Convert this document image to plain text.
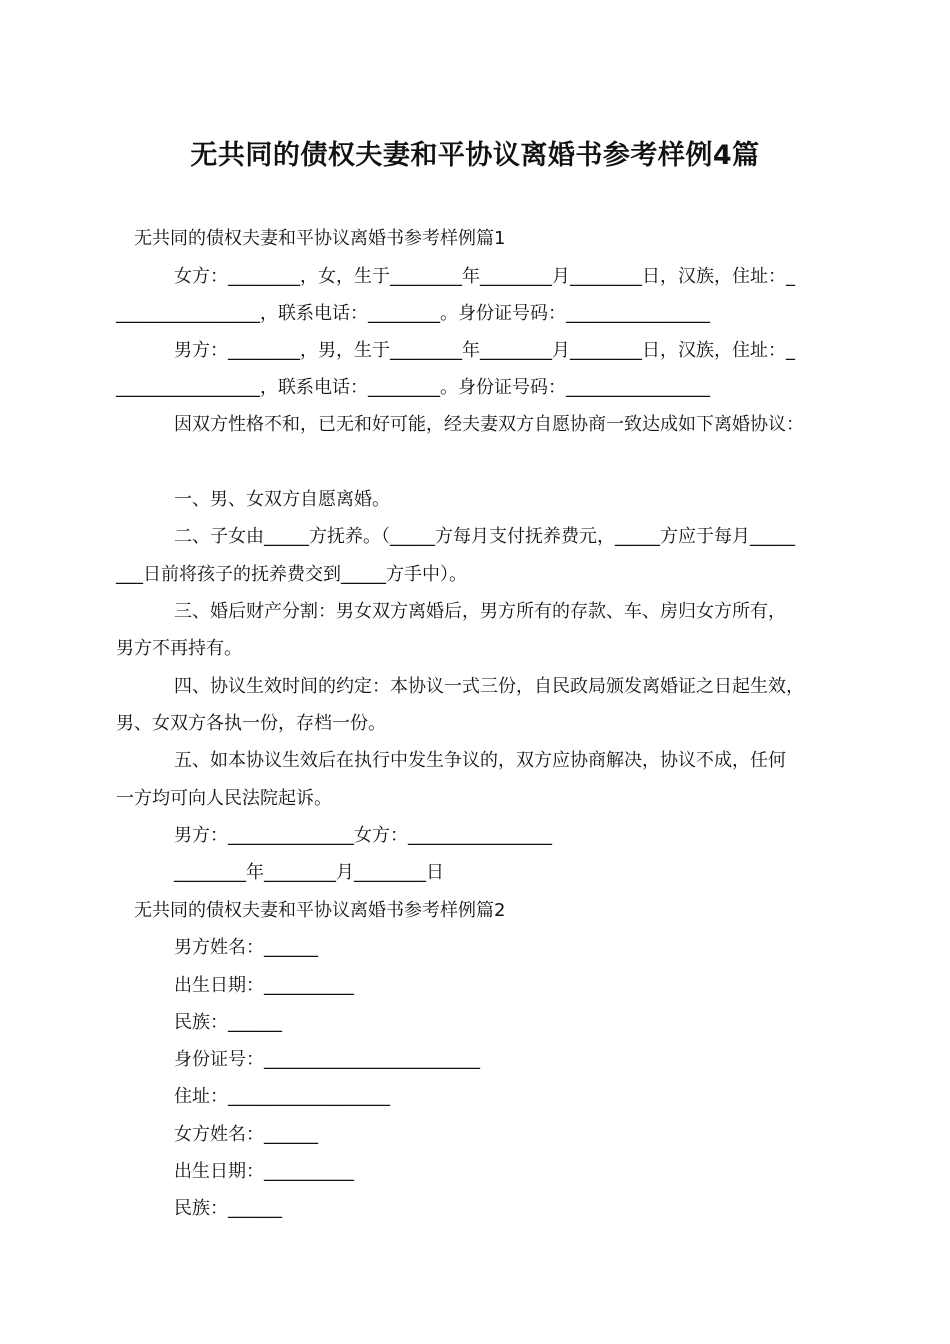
无共同的债权夫妻和平协议离婚书参考样例4篇

无共同的债权夫妻和平协议离婚书参考样例篇1

女方：________，女，生于________年________月________日，汉族，住址：_

________________，联系电话：________。身份证号码：________________

男方：________，男，生于________年________月________日，汉族，住址：_

________________，联系电话：________。身份证号码：________________

因双方性格不和，已无和好可能，经夫妻双方自愿协商一致达成如下离婚协议：

一、男、女双方自愿离婚。

二、子女由_____方抚养。（_____方每月支付抚养费元，_____方应于每月_____

___日前将孩子的抚养费交到_____方手中）。

三、婚后财产分割：男女双方离婚后，男方所有的存款、车、房归女方所有，

男方不再持有。

四、协议生效时间的约定：本协议一式三份，自民政局颁发离婚证之日起生效，

男、女双方各执一份，存档一份。

五、如本协议生效后在执行中发生争议的，双方应协商解决，协议不成，任何

一方均可向人民法院起诉。

男方：______________女方：________________

________年________月________日

无共同的债权夫妻和平协议离婚书参考样例篇2

男方姓名：______

出生日期：__________

民族：______

身份证号：________________________

住址：__________________

女方姓名：______

出生日期：__________

民族：______
